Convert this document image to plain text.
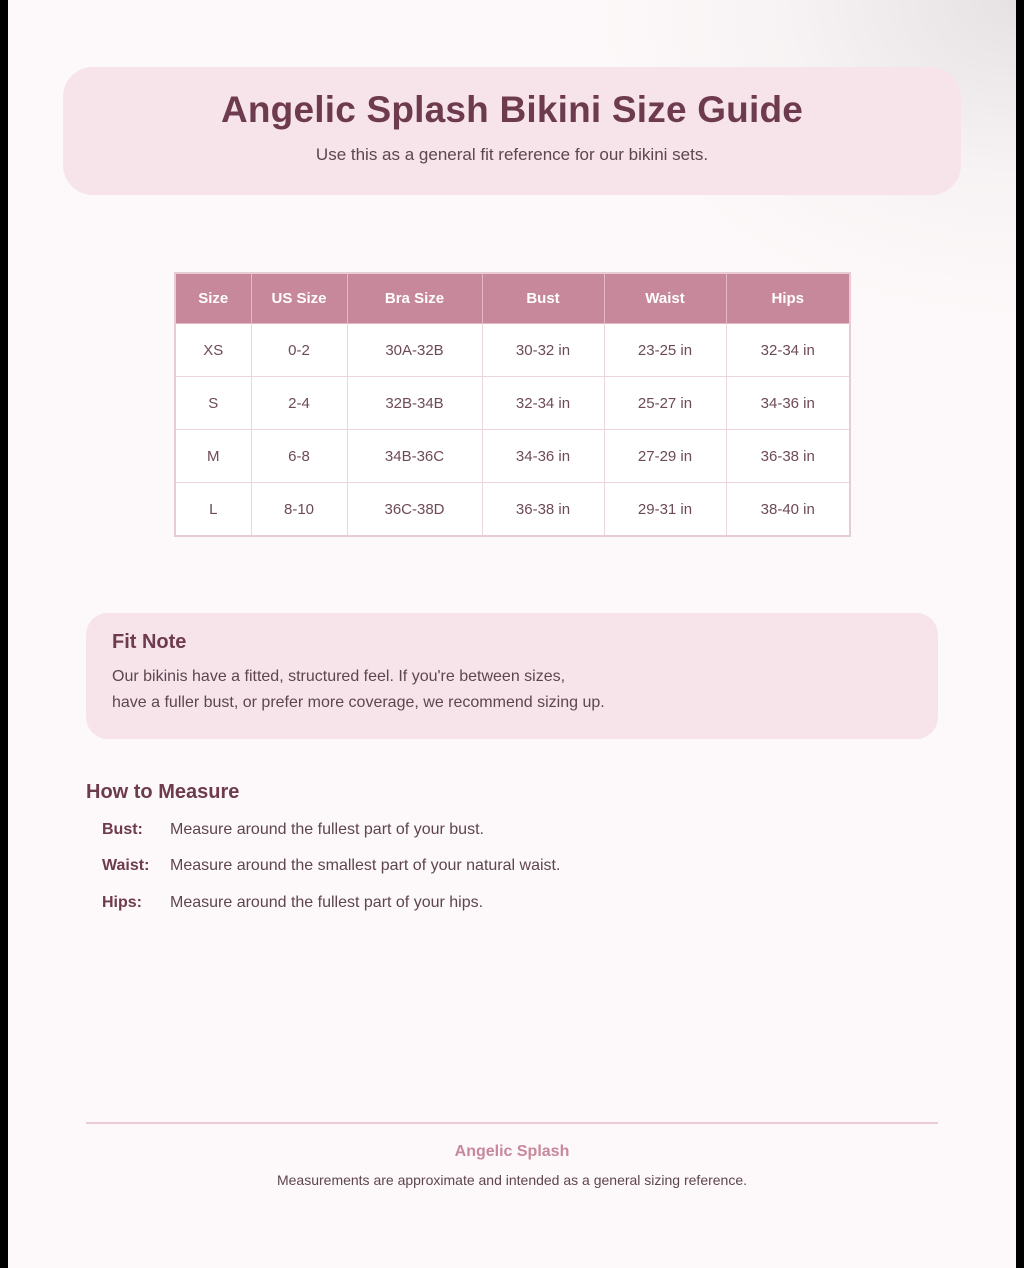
Angelic Splash Bikini Size Guide

Use this as a general fit reference for our bikini sets.

Size	US Size	Bra Size	Bust	Waist	Hips
XS	0-2	30A-32B	30-32 in	23-25 in	32-34 in
S	2-4	32B-34B	32-34 in	25-27 in	34-36 in
M	6-8	34B-36C	34-36 in	27-29 in	36-38 in
L	8-10	36C-38D	36-38 in	29-31 in	38-40 in
Fit Note

Our bikinis have a fitted, structured feel. If you're between sizes,

have a fuller bust, or prefer more coverage, we recommend sizing up.

How to Measure
Bust: Measure around the fullest part of your bust.
Waist: Measure around the smallest part of your natural waist.
Hips: Measure around the fullest part of your hips.

Angelic Splash

Measurements are approximate and intended as a general sizing reference.
